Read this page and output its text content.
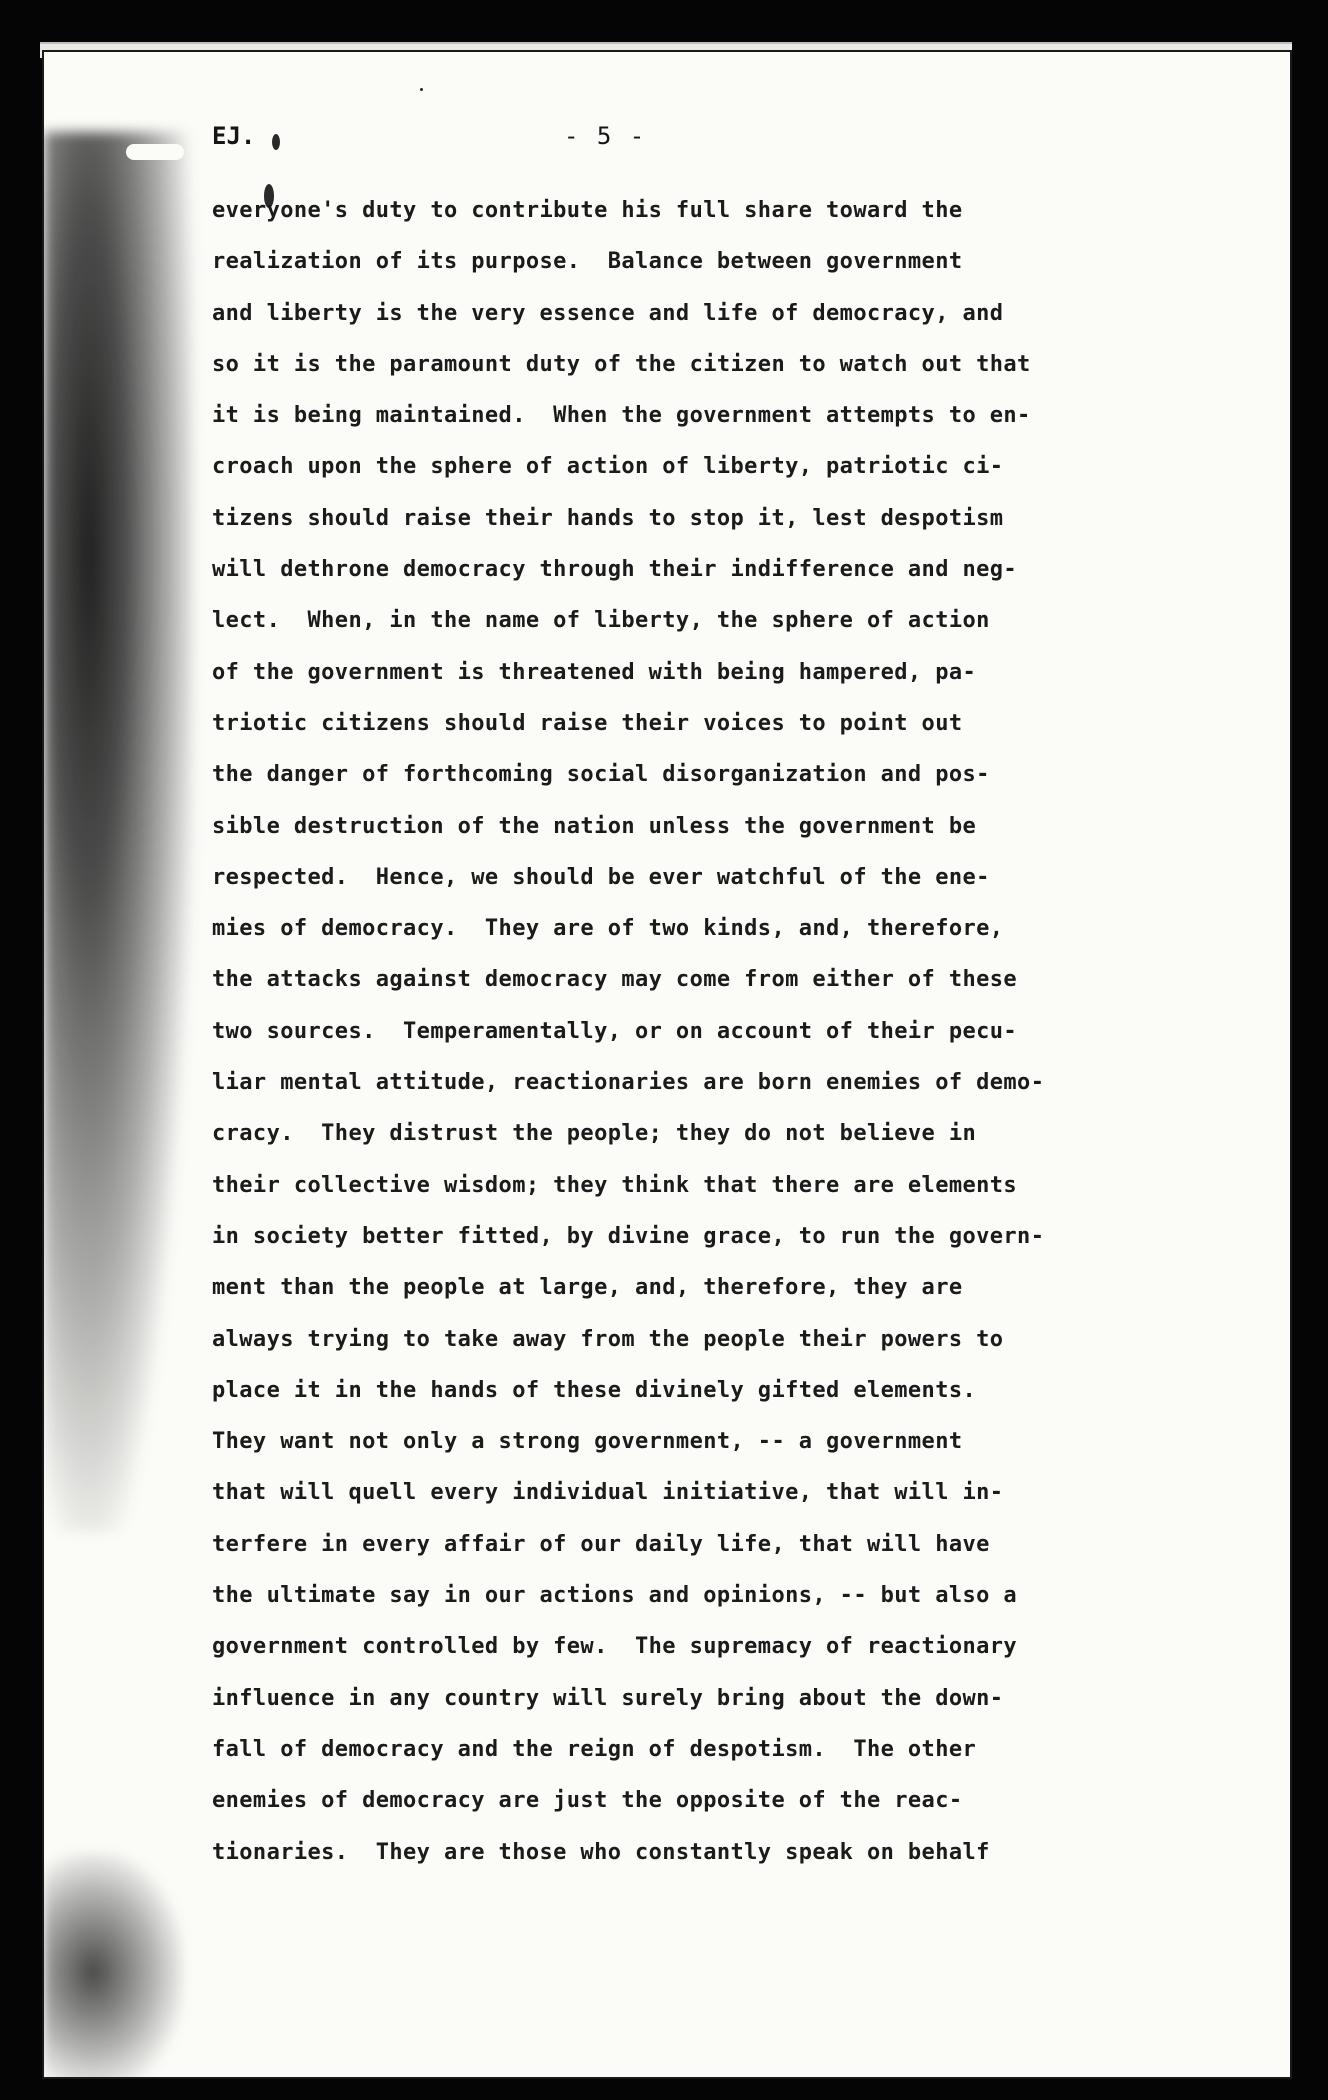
EJ.	- 5 -
everyone's duty to contribute his full share toward the
realization of its purpose.  Balance between government
and liberty is the very essence and life of democracy, and
so it is the paramount duty of the citizen to watch out that
it is being maintained.  When the government attempts to en-
croach upon the sphere of action of liberty, patriotic ci-
tizens should raise their hands to stop it, lest despotism
will dethrone democracy through their indifference and neg-
lect.  When, in the name of liberty, the sphere of action
of the government is threatened with being hampered, pa-
triotic citizens should raise their voices to point out
the danger of forthcoming social disorganization and pos-
sible destruction of the nation unless the government be
respected.  Hence, we should be ever watchful of the ene-
mies of democracy.  They are of two kinds, and, therefore,
the attacks against democracy may come from either of these
two sources.  Temperamentally, or on account of their pecu-
liar mental attitude, reactionaries are born enemies of demo-
cracy.  They distrust the people; they do not believe in
their collective wisdom; they think that there are elements
in society better fitted, by divine grace, to run the govern-
ment than the people at large, and, therefore, they are
always trying to take away from the people their powers to
place it in the hands of these divinely gifted elements.
They want not only a strong government, -- a government
that will quell every individual initiative, that will in-
terfere in every affair of our daily life, that will have
the ultimate say in our actions and opinions, -- but also a
government controlled by few.  The supremacy of reactionary
influence in any country will surely bring about the down-
fall of democracy and the reign of despotism.  The other
enemies of democracy are just the opposite of the reac-
tionaries.  They are those who constantly speak on behalf
